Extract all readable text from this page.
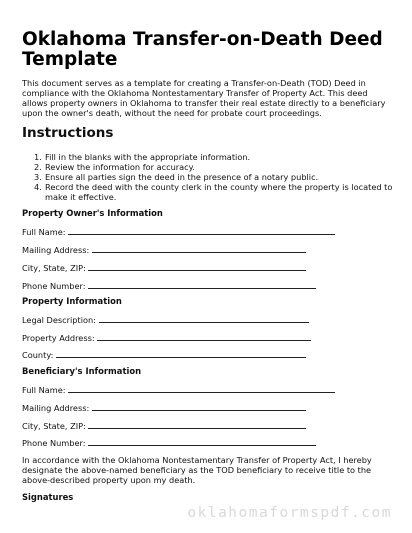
Oklahoma Transfer-on-Death Deed Template
This document serves as a template for creating a Transfer-on-Death (TOD) Deed in compliance with the Oklahoma Nontestamentary Transfer of Property Act. This deed allows property owners in Oklahoma to transfer their real estate directly to a beneficiary upon the owner's death, without the need for probate court proceedings.
Instructions
1. Fill in the blanks with the appropriate information.
2. Review the information for accuracy.
3. Ensure all parties sign the deed in the presence of a notary public.
4. Record the deed with the county clerk in the county where the property is located to make it effective.
Property Owner's Information
Full Name:
Mailing Address:
City, State, ZIP:
Phone Number:
Property Information
Legal Description:
Property Address:
County:
Beneficiary's Information
Full Name:
Mailing Address:
City, State, ZIP:
Phone Number:
In accordance with the Oklahoma Nontestamentary Transfer of Property Act, I hereby designate the above-named beneficiary as the TOD beneficiary to receive title to the above-described property upon my death.
Signatures
oklahomaformspdf.com
